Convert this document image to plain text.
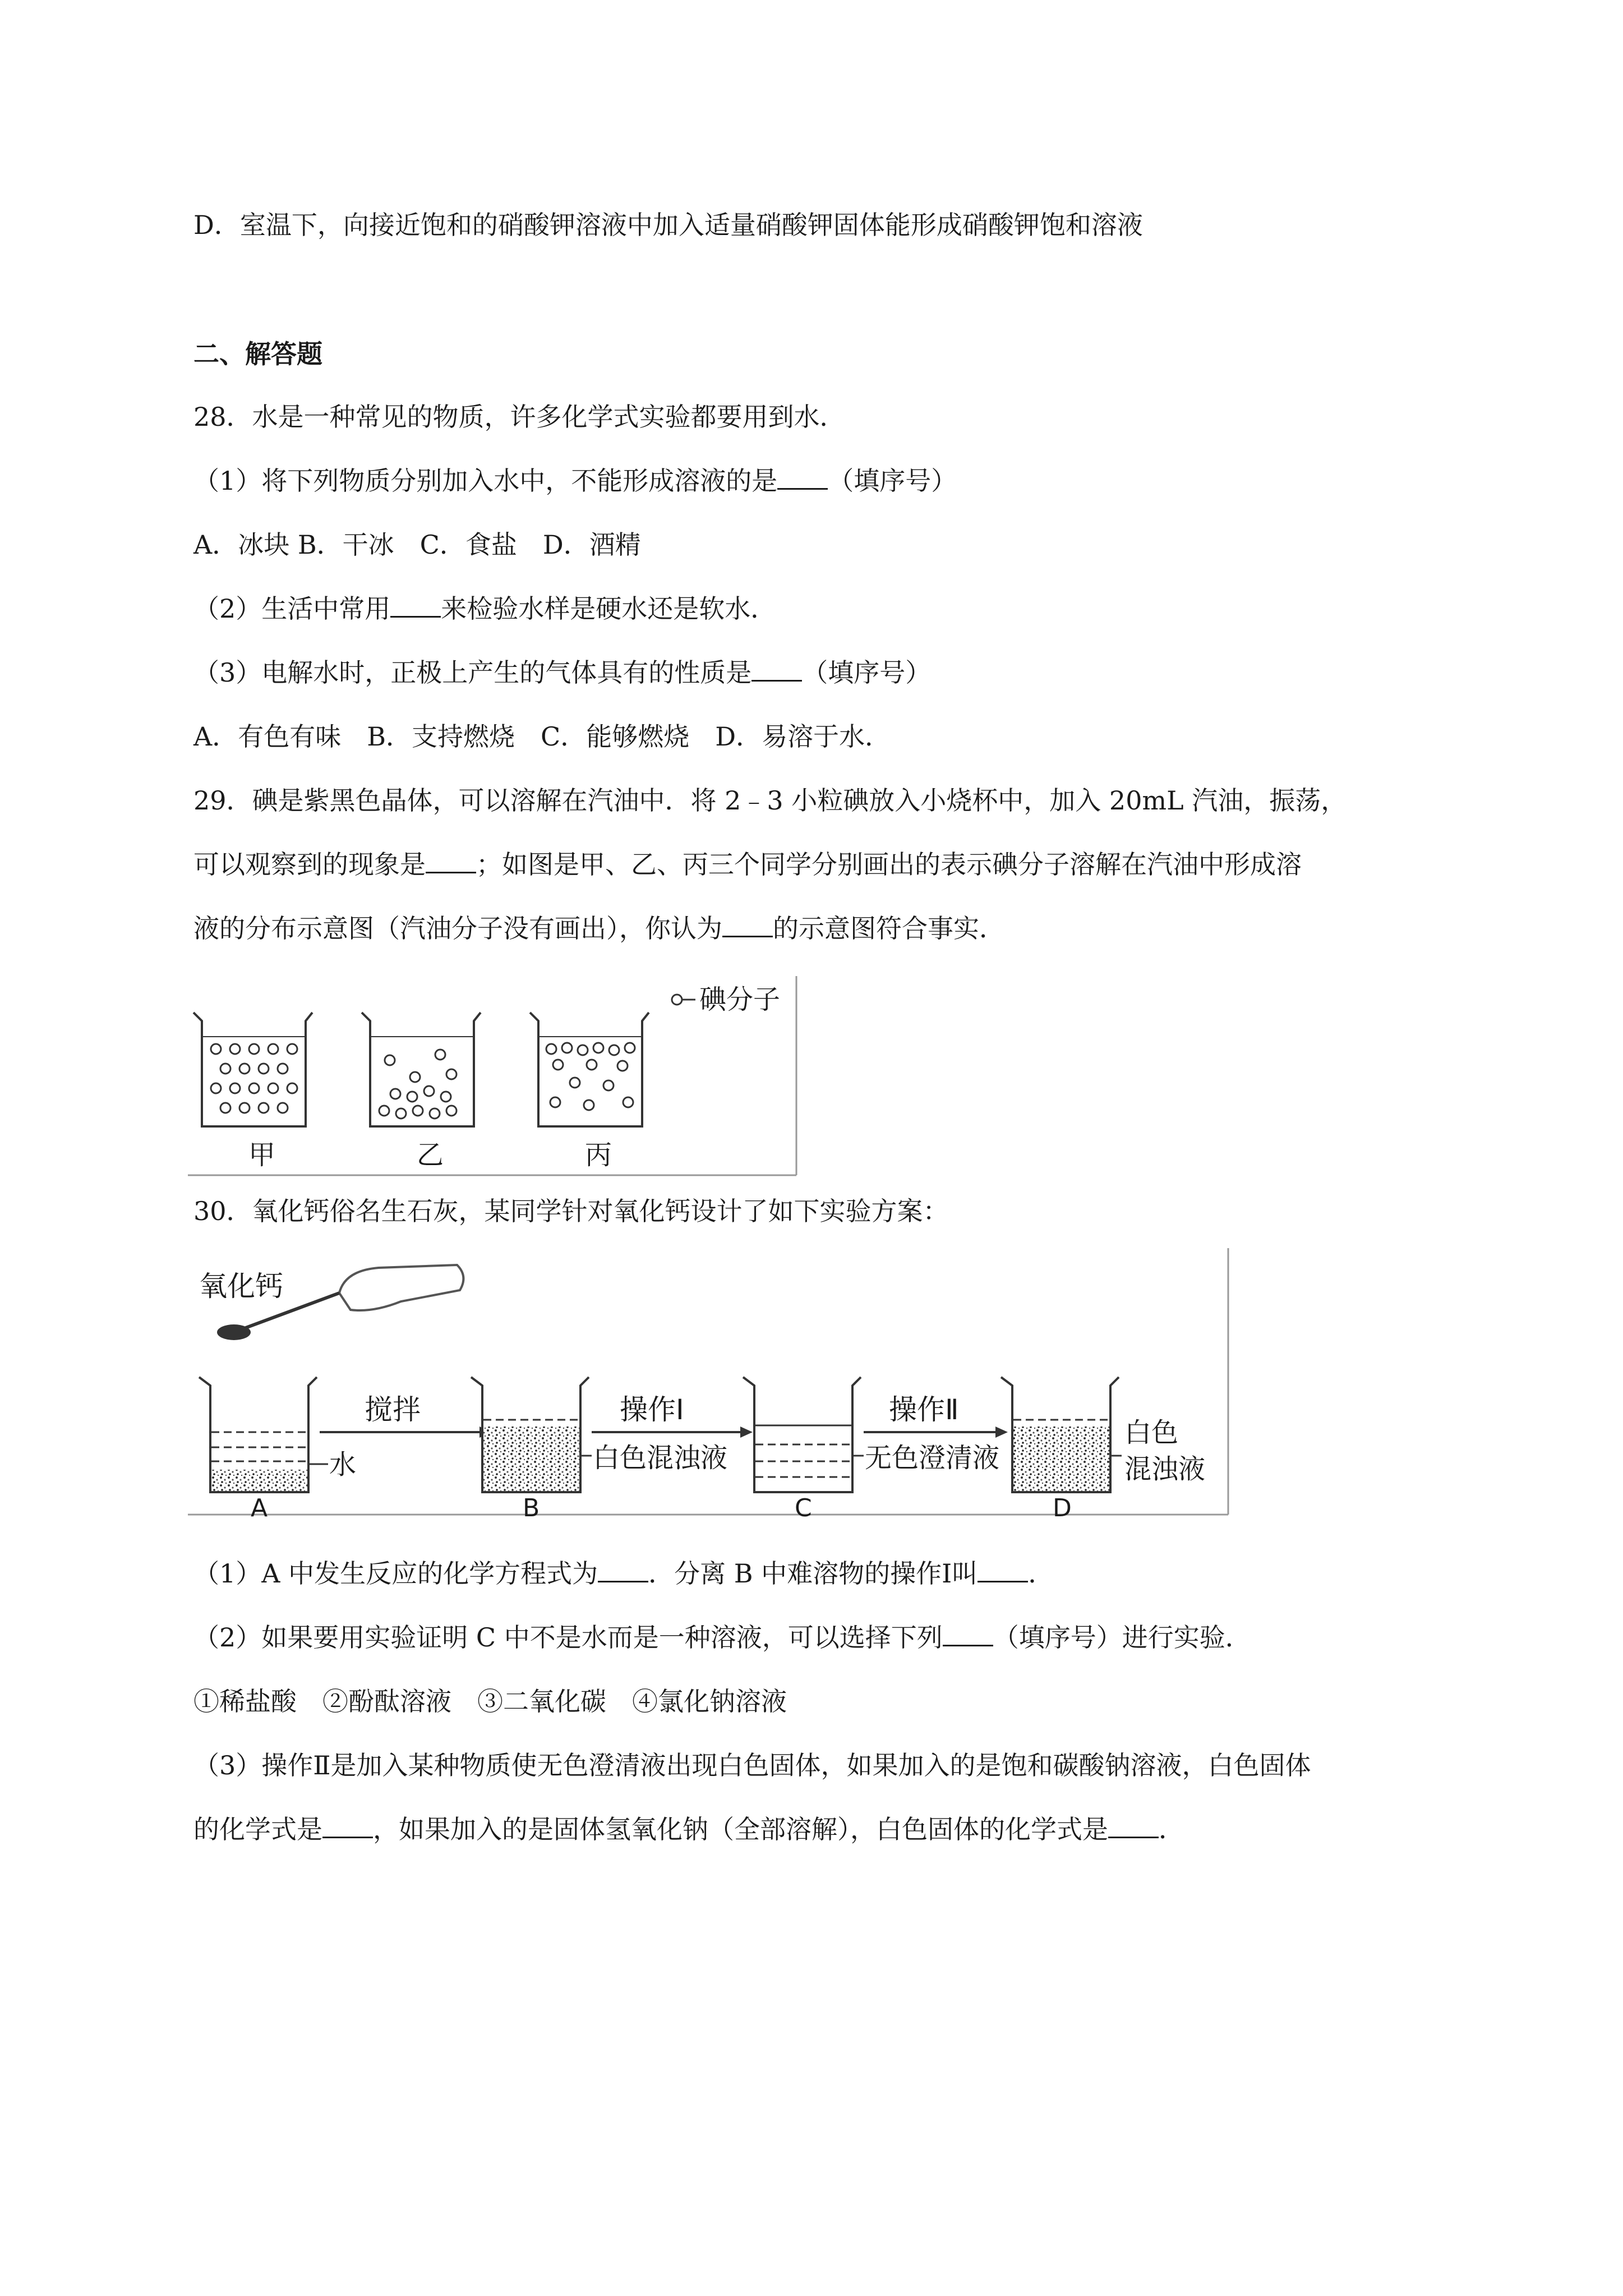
D．室温下，向接近饱和的硝酸钾溶液中加入适量硝酸钾固体能形成硝酸钾饱和溶液
二、解答题
28．水是一种常见的物质，许多化学式实验都要用到水．
（1）将下列物质分别加入水中，不能形成溶液的是 （填序号）
A．冰块 B．干冰　C．食盐　D．酒精
（2）生活中常用 来检验水样是硬水还是软水．
（3）电解水时，正极上产生的气体具有的性质是 （填序号）
A．有色有味　B．支持燃烧　C．能够燃烧　D．易溶于水．
29．碘是紫黑色晶体，可以溶解在汽油中．将 2﹣3 小粒碘放入小烧杯中，加入 20mL 汽油，振荡，
可以观察到的现象是 ；如图是甲、乙、丙三个同学分别画出的表示碘分子溶解在汽油中形成溶
液的分布示意图（汽油分子没有画出），你认为 的示意图符合事实．
碘分子
甲	乙	丙
30．氧化钙俗名生石灰，某同学针对氧化钙设计了如下实验方案：
氧化钙
水
A
搅拌
白色混浊液
B
操作Ⅰ
无色澄清液
C
操作Ⅱ
白色
混浊液
D
（1）A 中发生反应的化学方程式为 ．分离 B 中难溶物的操作Ⅰ叫 ．
（2）如果要用实验证明 C 中不是水而是一种溶液，可以选择下列 （填序号）进行实验．
①稀盐酸　②酚酞溶液　③二氧化碳　④氯化钠溶液
（3）操作Ⅱ是加入某种物质使无色澄清液出现白色固体，如果加入的是饱和碳酸钠溶液，白色固体
的化学式是 ，如果加入的是固体氢氧化钠（全部溶解），白色固体的化学式是 ．
